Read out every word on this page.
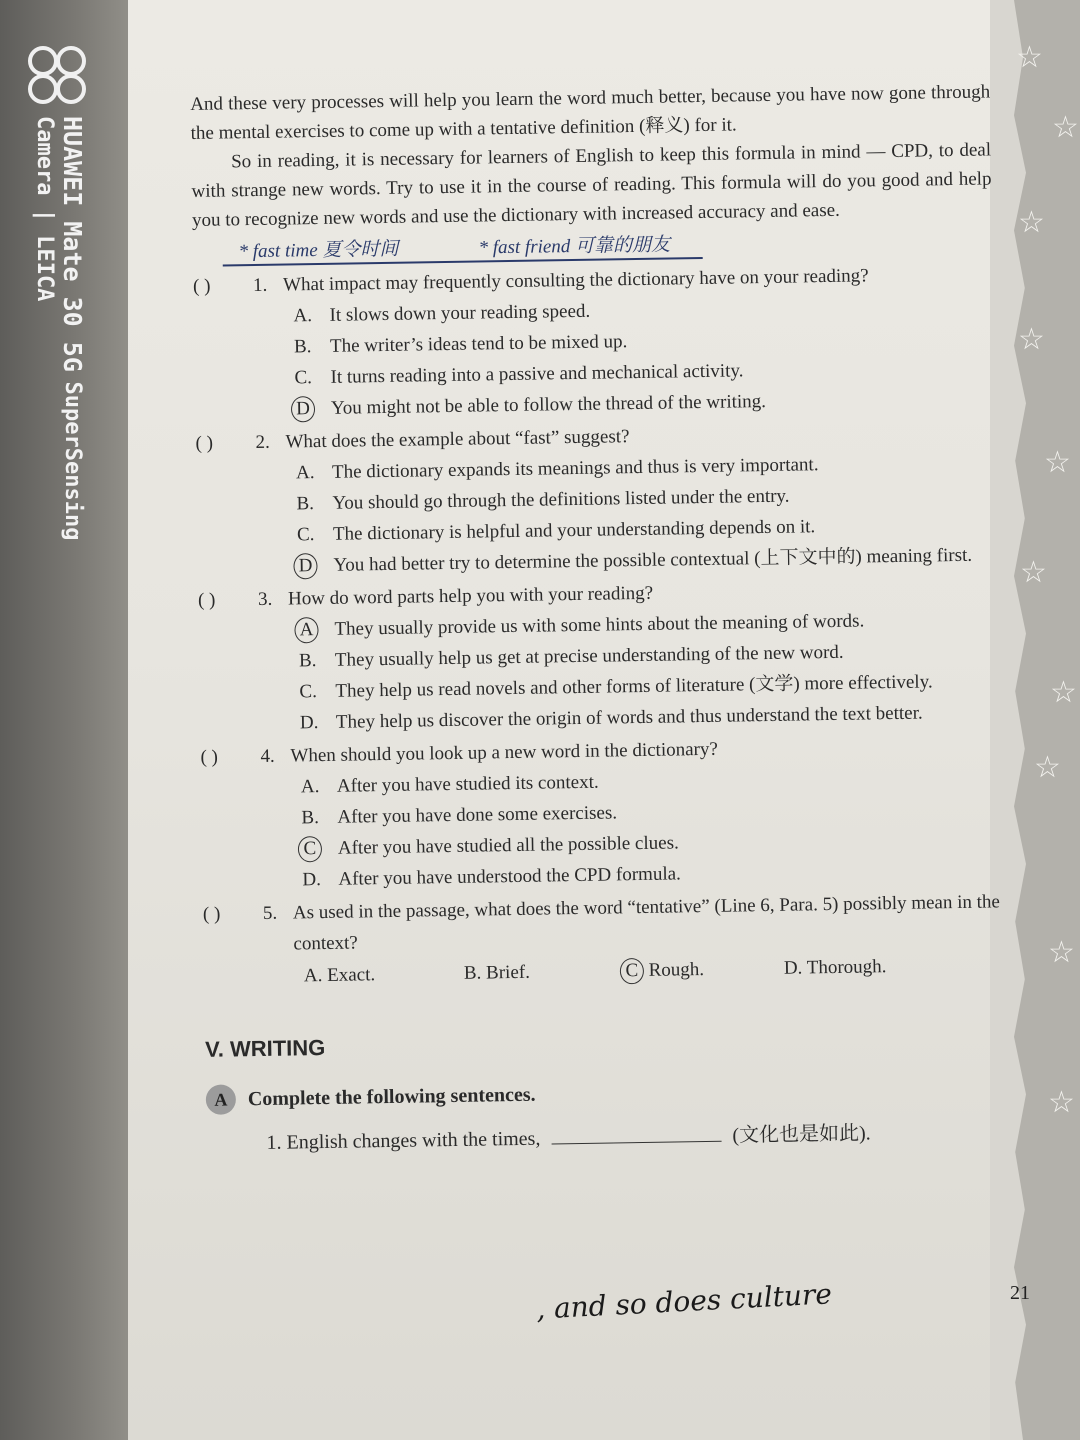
☆
☆
☆
☆
☆
☆
☆
☆
☆
☆
HUAWEI Mate 30 5G SuperSensing Camera | LEICA

And these very processes will help you learn the word much better, because you have now gone through the mental exercises to come up with a tentative definition (释义) for it.

So in reading, it is necessary for learners of English to keep this formula in mind — CPD, to deal with strange new words. Try to use it in the course of reading. This formula will do you good and help you to recognize new words and use the dictionary with increased accuracy and ease.

* fast time 夏令时间	* fast friend 可靠的朋友
( )	1. What impact may frequently consulting the dictionary have on your reading?
A. It slows down your reading speed.
B. The writer’s ideas tend to be mixed up.
C. It turns reading into a passive and mechanical activity.
D	You might not be able to follow the thread of the writing.
( )	2. What does the example about “fast” suggest?
A. The dictionary expands its meanings and thus is very important.
B. You should go through the definitions listed under the entry.
C. The dictionary is helpful and your understanding depends on it.
D	You had better try to determine the possible contextual (上下文中的) meaning first.
( )	3. How do word parts help you with your reading?
A	They usually provide us with some hints about the meaning of words.
B. They usually help us get at precise understanding of the new word.
C. They help us read novels and other forms of literature (文学) more effectively.
D. They help us discover the origin of words and thus understand the text better.
( )	4. When should you look up a new word in the dictionary?
A. After you have studied its context.
B. After you have done some exercises.
C	After you have studied all the possible clues.
D. After you have understood the CPD formula.
( )	5. As used in the passage, what does the word “tentative” (Line 6, Para. 5) possibly mean in the context?
A. Exact.	B. Brief.	C Rough.	D. Thorough.
V. WRITING
A	Complete the following sentences.
1. English changes with the times,	(文化也是如此).
, and so does culture	21
